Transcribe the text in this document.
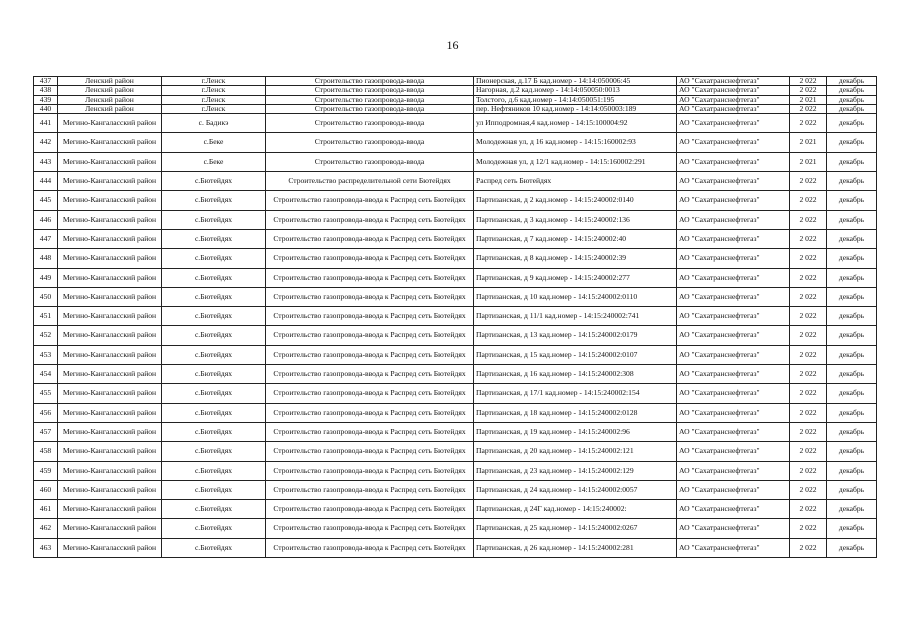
16
437	Ленский район	г.Ленск	Строительство газопровода-ввода	Пионерская, д.17 Б кад.номер - 14:14:050006:45	АО "Сахатранснефтегаз"	2 022	декабрь
438	Ленский район	г.Ленск	Строительство газопровода-ввода	Нагорная, д.2 кад.номер - 14:14:050050:0013	АО "Сахатранснефтегаз"	2 022	декабрь
439	Ленский район	г.Ленск	Строительство газопровода-ввода	Толстого, д.6 кад.номер - 14:14:050051:195	АО "Сахатранснефтегаз"	2 021	декабрь
440	Ленский район	г.Ленск	Строительство газопровода-ввода	пер. Нефтяников 10 кад.номер - 14:14:050003:189	АО "Сахатранснефтегаз"	2 022	декабрь
441	Мегино-Кангаласский район	с. Бадикэ	Строительство газопровода-ввода	ул Ипподромная,4 кад.номер - 14:15:100004:92	АО "Сахатранснефтегаз"	2 022	декабрь
442	Мегино-Кангаласский район	с.Беке	Строительство газопровода-ввода	Молодежная ул, д 16 кад.номер - 14:15:160002:93	АО "Сахатранснефтегаз"	2 021	декабрь
443	Мегино-Кангаласский район	с.Беке	Строительство газопровода-ввода	Молодежная ул, д 12/1 кад.номер - 14:15:160002:291	АО "Сахатранснефтегаз"	2 021	декабрь
444	Мегино-Кангаласский район	с.Бютейдях	Строительство распределительной сети Бютейдях	Распред сеть Бютейдях	АО "Сахатранснефтегаз"	2 022	декабрь
445	Мегино-Кангаласский район	с.Бютейдях	Строительство газопровода-ввода к Распред сеть Бютейдях	Партизанская, д 2 кад.номер - 14:15:240002:0140	АО "Сахатранснефтегаз"	2 022	декабрь
446	Мегино-Кангаласский район	с.Бютейдях	Строительство газопровода-ввода к Распред сеть Бютейдях	Партизанская, д 3 кад.номер - 14:15:240002:136	АО "Сахатранснефтегаз"	2 022	декабрь
447	Мегино-Кангаласский район	с.Бютейдях	Строительство газопровода-ввода к Распред сеть Бютейдях	Партизанская, д 7 кад.номер - 14:15:240002:40	АО "Сахатранснефтегаз"	2 022	декабрь
448	Мегино-Кангаласский район	с.Бютейдях	Строительство газопровода-ввода к Распред сеть Бютейдях	Партизанская, д 8 кад.номер - 14:15:240002:39	АО "Сахатранснефтегаз"	2 022	декабрь
449	Мегино-Кангаласский район	с.Бютейдях	Строительство газопровода-ввода к Распред сеть Бютейдях	Партизанская, д 9 кад.номер - 14:15:240002:277	АО "Сахатранснефтегаз"	2 022	декабрь
450	Мегино-Кангаласский район	с.Бютейдях	Строительство газопровода-ввода к Распред сеть Бютейдях	Партизанская, д 10 кад.номер - 14:15:240002:0110	АО "Сахатранснефтегаз"	2 022	декабрь
451	Мегино-Кангаласский район	с.Бютейдях	Строительство газопровода-ввода к Распред сеть Бютейдях	Партизанская, д 11/1 кад.номер - 14:15:240002:741	АО "Сахатранснефтегаз"	2 022	декабрь
452	Мегино-Кангаласский район	с.Бютейдях	Строительство газопровода-ввода к Распред сеть Бютейдях	Партизанская, д 13 кад.номер - 14:15:240002:0179	АО "Сахатранснефтегаз"	2 022	декабрь
453	Мегино-Кангаласский район	с.Бютейдях	Строительство газопровода-ввода к Распред сеть Бютейдях	Партизанская, д 15 кад.номер - 14:15:240002:0107	АО "Сахатранснефтегаз"	2 022	декабрь
454	Мегино-Кангаласский район	с.Бютейдях	Строительство газопровода-ввода к Распред сеть Бютейдях	Партизанская, д 16 кад.номер - 14:15:240002:308	АО "Сахатранснефтегаз"	2 022	декабрь
455	Мегино-Кангаласский район	с.Бютейдях	Строительство газопровода-ввода к Распред сеть Бютейдях	Партизанская, д 17/1 кад.номер - 14:15:240002:154	АО "Сахатранснефтегаз"	2 022	декабрь
456	Мегино-Кангаласский район	с.Бютейдях	Строительство газопровода-ввода к Распред сеть Бютейдях	Партизанская, д 18 кад.номер - 14:15:240002:0128	АО "Сахатранснефтегаз"	2 022	декабрь
457	Мегино-Кангаласский район	с.Бютейдях	Строительство газопровода-ввода к Распред сеть Бютейдях	Партизанская, д 19 кад.номер - 14:15:240002:96	АО "Сахатранснефтегаз"	2 022	декабрь
458	Мегино-Кангаласский район	с.Бютейдях	Строительство газопровода-ввода к Распред сеть Бютейдях	Партизанская, д 20 кад.номер - 14:15:240002:121	АО "Сахатранснефтегаз"	2 022	декабрь
459	Мегино-Кангаласский район	с.Бютейдях	Строительство газопровода-ввода к Распред сеть Бютейдях	Партизанская, д 23 кад.номер - 14:15:240002:129	АО "Сахатранснефтегаз"	2 022	декабрь
460	Мегино-Кангаласский район	с.Бютейдях	Строительство газопровода-ввода к Распред сеть Бютейдях	Партизанская, д 24 кад.номер - 14:15:240002:0057	АО "Сахатранснефтегаз"	2 022	декабрь
461	Мегино-Кангаласский район	с.Бютейдях	Строительство газопровода-ввода к Распред сеть Бютейдях	Партизанская, д 24Г кад.номер - 14:15:240002:	АО "Сахатранснефтегаз"	2 022	декабрь
462	Мегино-Кангаласский район	с.Бютейдях	Строительство газопровода-ввода к Распред сеть Бютейдях	Партизанская, д 25 кад.номер - 14:15:240002:0267	АО "Сахатранснефтегаз"	2 022	декабрь
463	Мегино-Кангаласский район	с.Бютейдях	Строительство газопровода-ввода к Распред сеть Бютейдях	Партизанская, д 26 кад.номер - 14:15:240002:281	АО "Сахатранснефтегаз"	2 022	декабрь
